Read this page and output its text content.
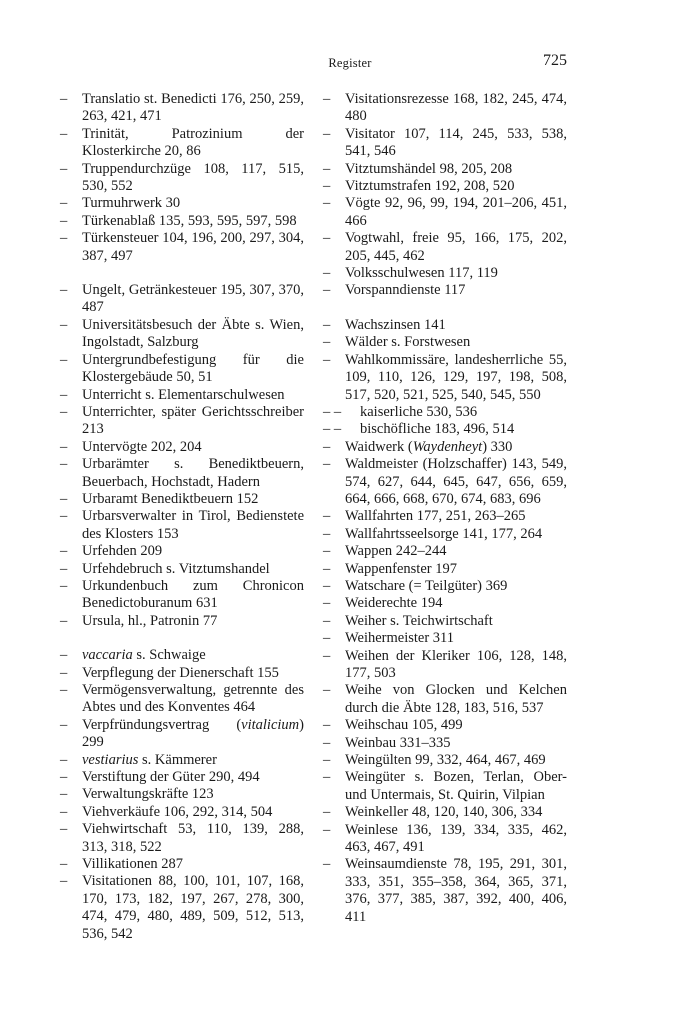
Register	725
–	Translatio st. Benedicti 176, 250, 259, 263, 421, 471
–	Trinität, Patrozinium der Klosterkirche 20, 86
–	Truppendurchzüge 108, 117, 515, 530, 552
–	Turmuhrwerk 30
–	Türkenablaß 135, 593, 595, 597, 598
–	Türkensteuer 104, 196, 200, 297, 304, 387, 497
–	Ungelt, Getränkesteuer 195, 307, 370, 487
–	Universitätsbesuch der Äbte s. Wien, Ingolstadt, Salzburg
–	Untergrundbefestigung für die Klostergebäude 50, 51
–	Unterricht s. Elementarschulwesen
–	Unterrichter, später Gerichtsschreiber 213
–	Untervögte 202, 204
–	Urbarämter s. Benediktbeuern, Beuerbach, Hochstadt, Hadern
–	Urbaramt Benediktbeuern 152
–	Urbarsverwalter in Tirol, Bedienstete des Klosters 153
–	Urfehden 209
–	Urfehdebruch s. Vitztumshandel
–	Urkundenbuch zum Chronicon Benedictoburanum 631
–	Ursula, hl., Patronin 77
–	vaccaria s. Schwaige
–	Verpflegung der Dienerschaft 155
–	Vermögensverwaltung, getrennte des Abtes und des Konventes 464
–	Verpfründungsvertrag (vitalicium) 299
–	vestiarius s. Kämmerer
–	Verstiftung der Güter 290, 494
–	Verwaltungskräfte 123
–	Viehverkäufe 106, 292, 314, 504
–	Viehwirtschaft 53, 110, 139, 288, 313, 318, 522
–	Villikationen 287
–	Visitationen 88, 100, 101, 107, 168, 170, 173, 182, 197, 267, 278, 300, 474, 479, 480, 489, 509, 512, 513, 536, 542
–	Visitationsrezesse 168, 182, 245, 474, 480
–	Visitator 107, 114, 245, 533, 538, 541, 546
–	Vitztumshändel 98, 205, 208
–	Vitztumstrafen 192, 208, 520
–	Vögte 92, 96, 99, 194, 201–206, 451, 466
–	Vogtwahl, freie 95, 166, 175, 202, 205, 445, 462
–	Volksschulwesen 117, 119
–	Vorspanndienste 117
–	Wachszinsen 141
–	Wälder s. Forstwesen
–	Wahlkommissäre, landesherrliche 55, 109, 110, 126, 129, 197, 198, 508, 517, 520, 521, 525, 540, 545, 550
– – kaiserliche 530, 536
– – bischöfliche 183, 496, 514
–	Waidwerk (Waydenheyt) 330
–	Waldmeister (Holzschaffer) 143, 549, 574, 627, 644, 645, 647, 656, 659, 664, 666, 668, 670, 674, 683, 696
–	Wallfahrten 177, 251, 263–265
–	Wallfahrtsseelsorge 141, 177, 264
–	Wappen 242–244
–	Wappenfenster 197
–	Watschare (= Teilgüter) 369
–	Weiderechte 194
–	Weiher s. Teichwirtschaft
–	Weihermeister 311
–	Weihen der Kleriker 106, 128, 148, 177, 503
–	Weihe von Glocken und Kelchen durch die Äbte 128, 183, 516, 537
–	Weihschau 105, 499
–	Weinbau 331–335
–	Weingülten 99, 332, 464, 467, 469
–	Weingüter s. Bozen, Terlan, Ober- und Untermais, St. Quirin, Vilpian
–	Weinkeller 48, 120, 140, 306, 334
–	Weinlese 136, 139, 334, 335, 462, 463, 467, 491
–	Weinsaumdienste 78, 195, 291, 301, 333, 351, 355–358, 364, 365, 371, 376, 377, 385, 387, 392, 400, 406, 411
